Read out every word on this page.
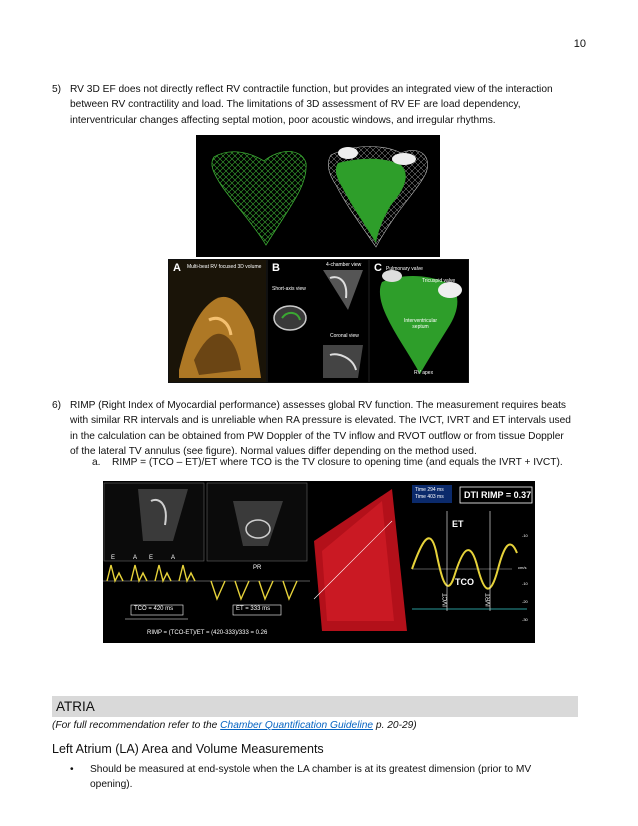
10
5) RV 3D EF does not directly reflect RV contractile function, but provides an integrated view of the interaction
between RV contractility and load. The limitations of 3D assessment of RV EF are load dependency,
interventricular changes affecting septal motion, poor acoustic windows, and irregular rhythms.
A Multi-beat RV focused 3D volume B	4-chamber view
Short-axis view
Coronal view
C Pulmonary valve
Tricuspid valve
Interventricular septum
RV apex
6) RIMP (Right Index of Myocardial performance) assesses global RV function. The measurement requires beats
with similar RR intervals and is unreliable when RA pressure is elevated. The IVCT, IVRT and ET intervals used
in the calculation can be obtained from PW Doppler of the TV inflow and RVOT outflow or from tissue Doppler
of the lateral TV annulus (see figure). Normal values differ depending on the method used.
a. RIMP = (TCO – ET)/ET where TCO is the TV closure to opening time (and equals the IVRT + IVCT).
E	A E	A
PR
TCO = 420 ms	ET = 333 ms
RIMP = (TCO-ET)/ET = (420-333)/333 = 0.26
Time 294 ms
Time 403 ms DTI RIMP = 0.37
ET
TCO
IVCT	IVRT
-10
cm/s
-10
-20
-30
ATRIA
(For full recommendation refer to the Chamber Quantification Guideline p. 20-29)
Left Atrium (LA) Area and Volume Measurements
• Should be measured at end-systole when the LA chamber is at its greatest dimension (prior to MV opening).
